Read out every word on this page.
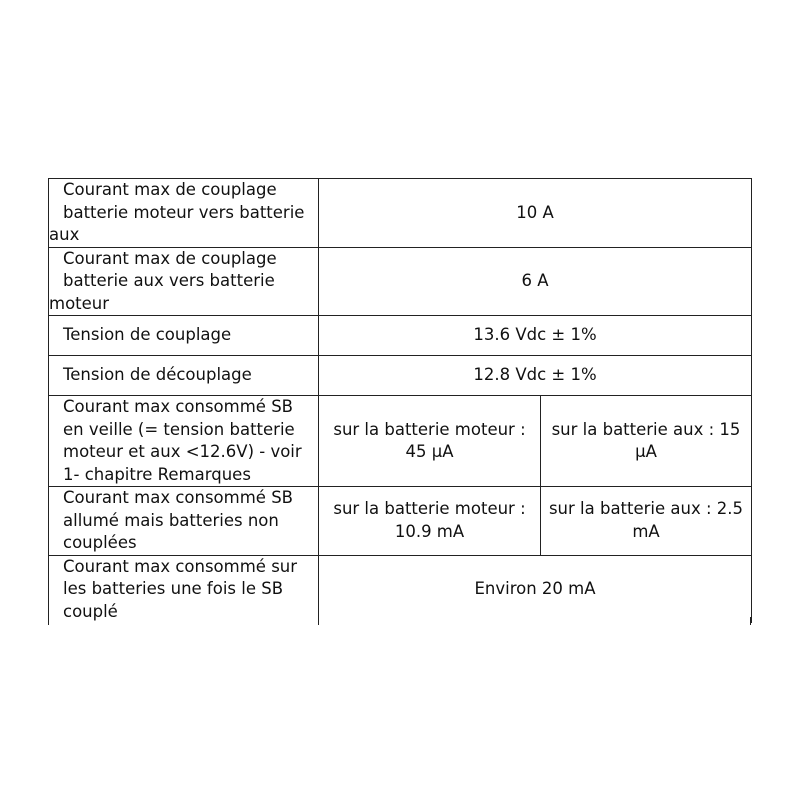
Courant max de couplage
batterie moteur vers batterie
aux	10 A	

Courant max de couplage
batterie aux vers batterie
moteur	6 A	

Tension de couplage	13.6 Vdc ± 1%	

Tension de découplage	12.8 Vdc ± 1%	

Courant max consommé SB
en veille (= tension batterie
moteur et aux <12.6V) - voir
1- chapitre Remarques	sur la batterie moteur : 45 µA	sur la batterie aux : 15 µA

Courant max consommé SB
allumé mais batteries non
couplées	sur la batterie moteur : 10.9 mA	sur la batterie aux : 2.5 mA

Courant max consommé sur
les batteries une fois le SB
couplé	Environ 20 mA	
